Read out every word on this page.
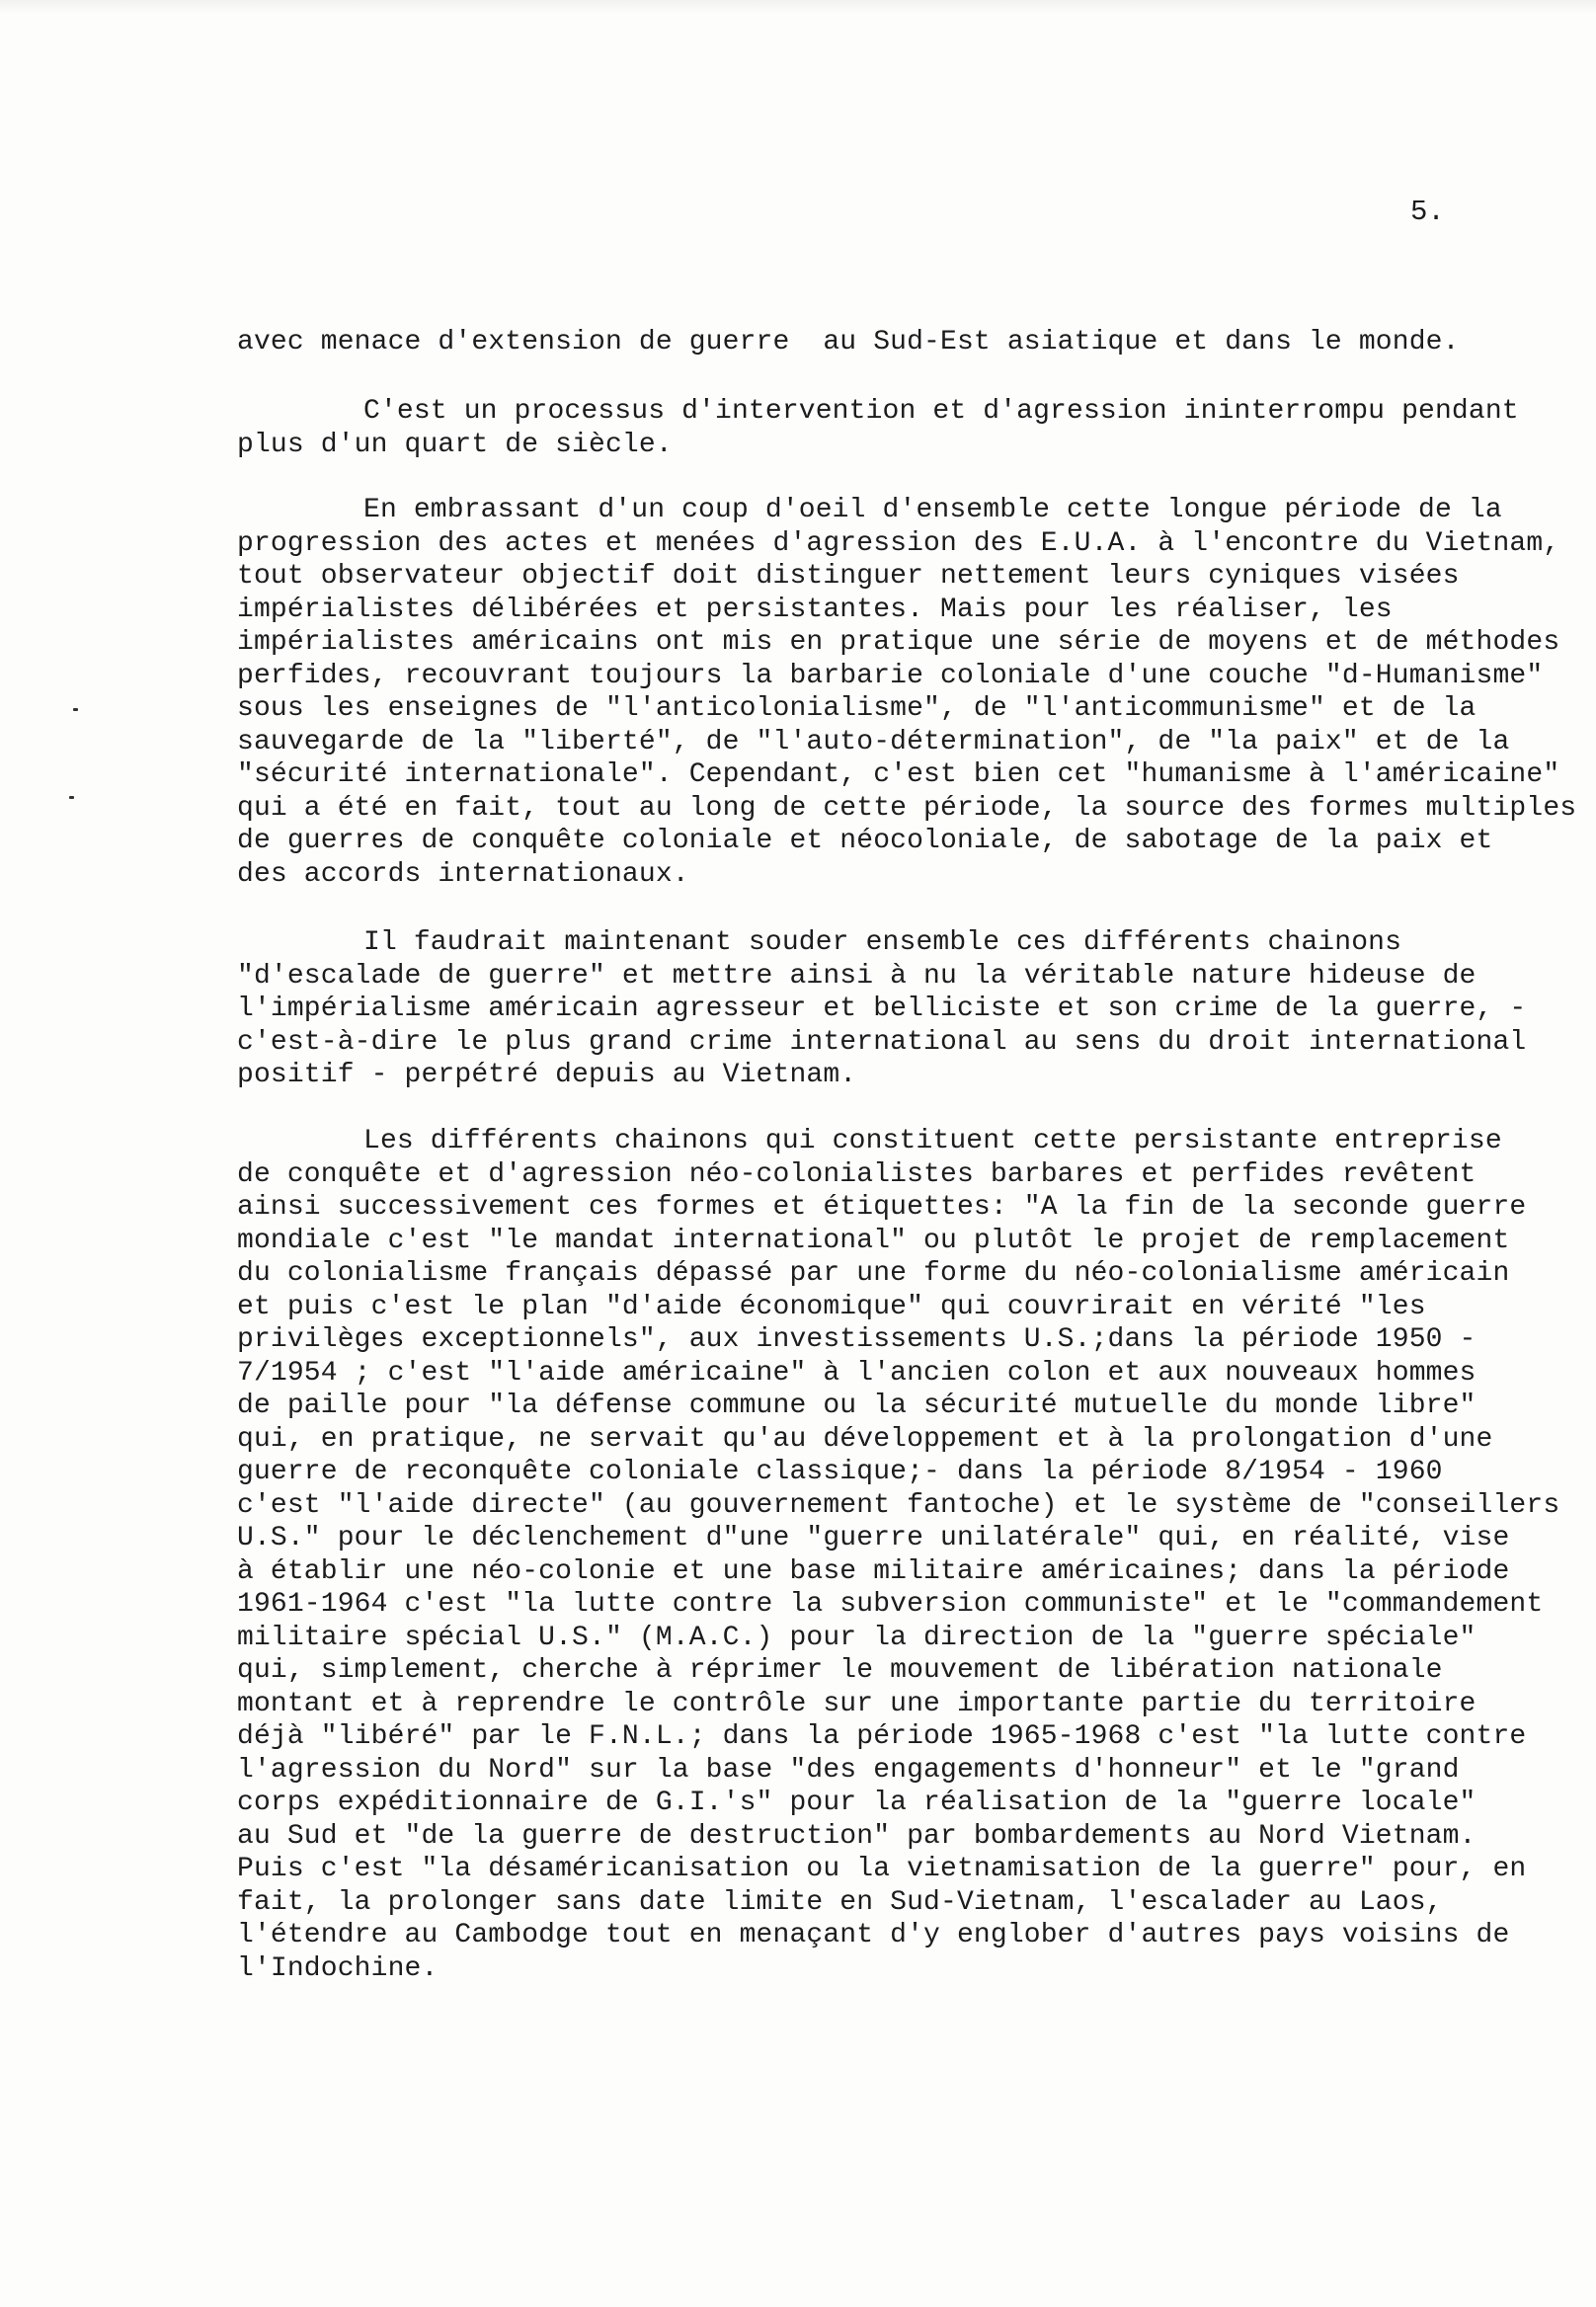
5.
avec menace d'extension de guerre  au Sud-Est asiatique et dans le monde.
C'est un processus d'intervention et d'agression ininterrompu pendant
plus d'un quart de siècle.
En embrassant d'un coup d'oeil d'ensemble cette longue période de la
progression des actes et menées d'agression des E.U.A. à l'encontre du Vietnam,
tout observateur objectif doit distinguer nettement leurs cyniques visées
impérialistes délibérées et persistantes. Mais pour les réaliser, les
impérialistes américains ont mis en pratique une série de moyens et de méthodes
perfides, recouvrant toujours la barbarie coloniale d'une couche "d-Humanisme"
sous les enseignes de "l'anticolonialisme", de "l'anticommunisme" et de la
sauvegarde de la "liberté", de "l'auto-détermination", de "la paix" et de la
"sécurité internationale". Cependant, c'est bien cet "humanisme à l'américaine"
qui a été en fait, tout au long de cette période, la source des formes multiples
de guerres de conquête coloniale et néocoloniale, de sabotage de la paix et
des accords internationaux.
Il faudrait maintenant souder ensemble ces différents chainons
"d'escalade de guerre" et mettre ainsi à nu la véritable nature hideuse de
l'impérialisme américain agresseur et belliciste et son crime de la guerre, -
c'est-à-dire le plus grand crime international au sens du droit international
positif - perpétré depuis au Vietnam.
Les différents chainons qui constituent cette persistante entreprise
de conquête et d'agression néo-colonialistes barbares et perfides revêtent
ainsi successivement ces formes et étiquettes: "A la fin de la seconde guerre
mondiale c'est "le mandat international" ou plutôt le projet de remplacement
du colonialisme français dépassé par une forme du néo-colonialisme américain
et puis c'est le plan "d'aide économique" qui couvrirait en vérité "les
privilèges exceptionnels", aux investissements U.S.;dans la période 1950 -
7/1954 ; c'est "l'aide américaine" à l'ancien colon et aux nouveaux hommes
de paille pour "la défense commune ou la sécurité mutuelle du monde libre"
qui, en pratique, ne servait qu'au développement et à la prolongation d'une
guerre de reconquête coloniale classique;- dans la période 8/1954 - 1960
c'est "l'aide directe" (au gouvernement fantoche) et le système de "conseillers
U.S." pour le déclenchement d"une "guerre unilatérale" qui, en réalité, vise
à établir une néo-colonie et une base militaire américaines; dans la période
1961-1964 c'est "la lutte contre la subversion communiste" et le "commandement
militaire spécial U.S." (M.A.C.) pour la direction de la "guerre spéciale"
qui, simplement, cherche à réprimer le mouvement de libération nationale
montant et à reprendre le contrôle sur une importante partie du territoire
déjà "libéré" par le F.N.L.; dans la période 1965-1968 c'est "la lutte contre
l'agression du Nord" sur la base "des engagements d'honneur" et le "grand
corps expéditionnaire de G.I.'s" pour la réalisation de la "guerre locale"
au Sud et "de la guerre de destruction" par bombardements au Nord Vietnam.
Puis c'est "la désaméricanisation ou la vietnamisation de la guerre" pour, en
fait, la prolonger sans date limite en Sud-Vietnam, l'escalader au Laos,
l'étendre au Cambodge tout en menaçant d'y englober d'autres pays voisins de
l'Indochine.
